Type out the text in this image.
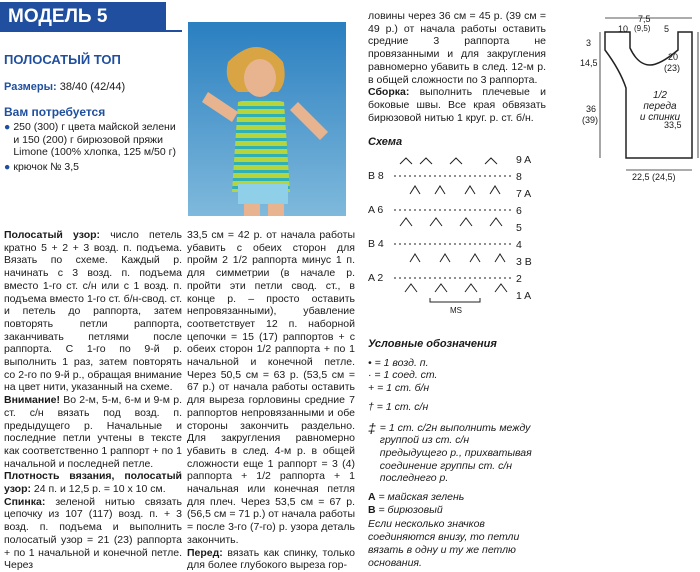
МОДЕЛЬ 5
ПОЛОСАТЫЙ ТОП
Размеры: 38/40 (42/44)
Вам потребуется
● 250 (300) г цвета майской зелени и 150 (200) г бирюзовой пряжи Limone (100% хлопка, 125 м/50 г)
● крючок № 3,5

Полосатый узор: число петель кратно 5 + 2 + 3 возд. п. подъема. Вязать по схеме. Каждый р. начинать с 3 возд. п. подъема вместо 1-го ст. с/н или с 1 возд. п. подъема вместо 1-го ст. б/н-свод. ст. и петель до раппорта, затем повторять петли раппорта, заканчивать петлями после раппорта. С 1-го по 9-й р. выполнить 1 раз, затем повторять со 2-го по 9-й р., обращая внимание на цвет нити, указанный на схеме.

Внимание! Во 2-м, 5-м, 6-м и 9-м р. ст. с/н вязать под возд. п. предыдущего р. Начальные и последние петли учтены в тексте как соответственно 1 раппорт + по 1 начальной и последней петле.

Плотность вязания, полосатый узор: 24 п. и 12,5 р. = 10 х 10 см.

Спинка: зеленой нитью связать цепочку из 107 (117) возд. п. + 3 возд. п. подъема и выполнить полосатый узор = 21 (23) раппорта + по 1 начальной и конечной петле. Через

33,5 см = 42 р. от начала работы убавить с обеих сторон для пройм 2 1/2 раппорта минус 1 п. для симметрии (в начале р. пройти эти петли свод. ст., в конце р. – просто оставить непровязанными), убавление соответствует 12 п. наборной цепочки = 15 (17) раппортов + с обеих сторон 1/2 раппорта + по 1 начальной и конечной петле. Через 50,5 см = 63 р. (53,5 см = 67 р.) от начала работы оставить для выреза горловины средние 7 раппортов непровязанными и обе стороны закончить раздельно. Для закругления равномерно убавить в след. 4-м р. в общей сложности еще 1 раппорт = 3 (4) раппорта + 1/2 раппорта + 1 начальная или конечная петля для плеч. Через 53,5 см = 67 р. (56,5 см = 71 р.) от начала работы = после 3-го (7-го) р. узора деталь закончить.

Перед: вязать как спинку, только для более глубокого выреза гор-

ловины через 36 см = 45 р. (39 см = 49 р.) от начала работы оставить средние 3 раппорта не провязанными и для закругления равномерно убавить в след. 12-м р. в общей сложности по 3 раппорта.

Сборка: выполнить плечевые и боковые швы. Все края обвязать бирюзовой нитью 1 круг. р. ст. б/н.

10
7,5
(9,5) 5
3
14,5
36
(39)
20
(23)
33,5
22,5 (24,5)
1/2
переда
и спинки
Схема
9 A
8
7 A
6
5
4
3 B
2
1 A
B 8
A 6
B 4
A 2
MS
Условные обозначения
• = 1 возд. п.
· = 1 соед. ст.
+ = 1 ст. б/н
† = 1 ст. с/н
‡ = 1 ст. с/2н выполнить между группой из ст. с/н предыдущего р., прихватывая соединение группы ст. с/н последнего р.
A = майская зелень
B = бирюзовый
Если несколько значков соединяются внизу, то петли вязать в одну и ту же петлю основания.
